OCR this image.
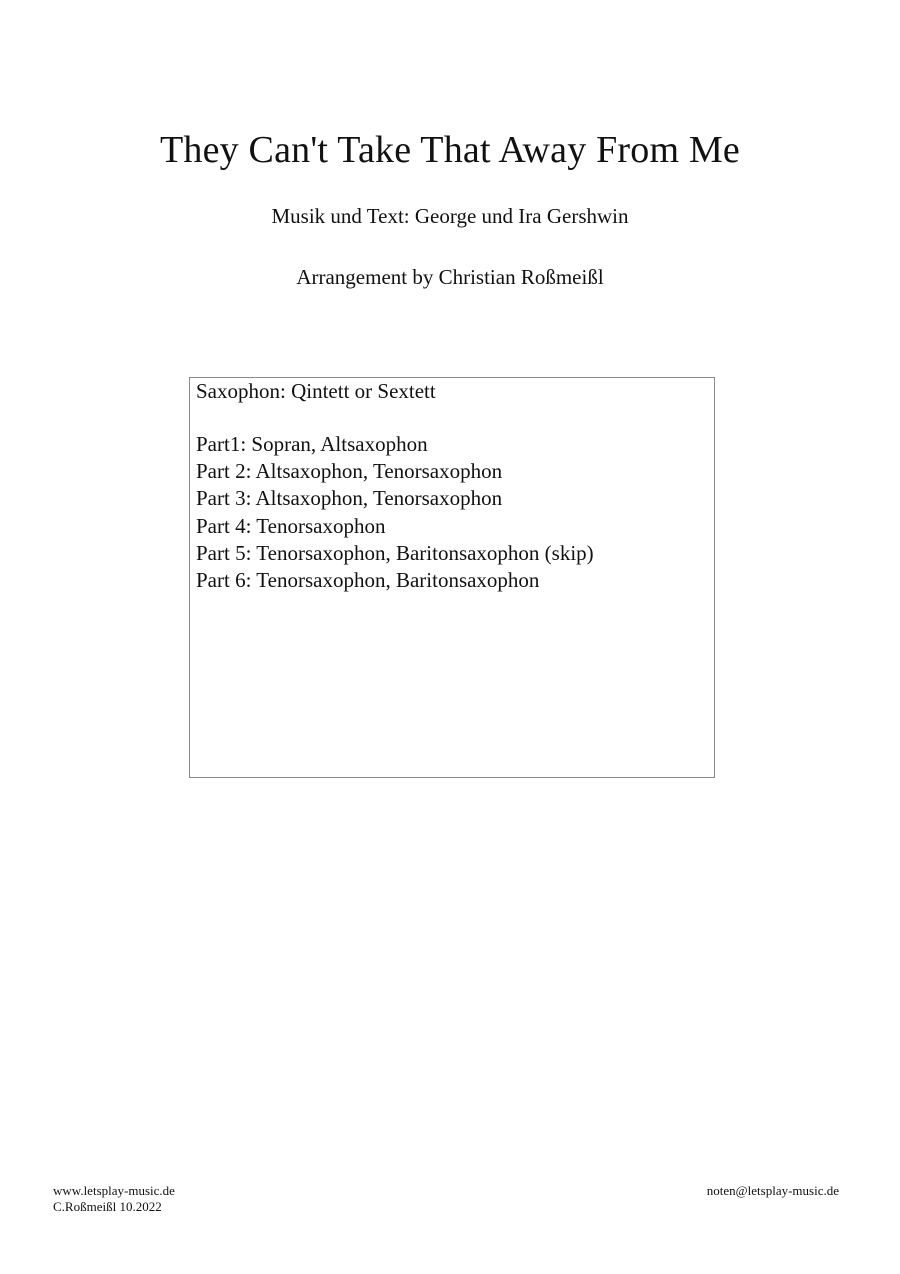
They Can't Take That Away From Me
Musik und Text: George und Ira Gershwin
Arrangement by Christian Roßmeißl
Saxophon: Qintett or Sextett
Part1: Sopran, Altsaxophon
Part 2: Altsaxophon, Tenorsaxophon
Part 3: Altsaxophon, Tenorsaxophon
Part 4: Tenorsaxophon
Part 5: Tenorsaxophon, Baritonsaxophon (skip)
Part 6: Tenorsaxophon, Baritonsaxophon
www.letsplay-music.de
C.Roßmeißl 10.2022
noten@letsplay-music.de
